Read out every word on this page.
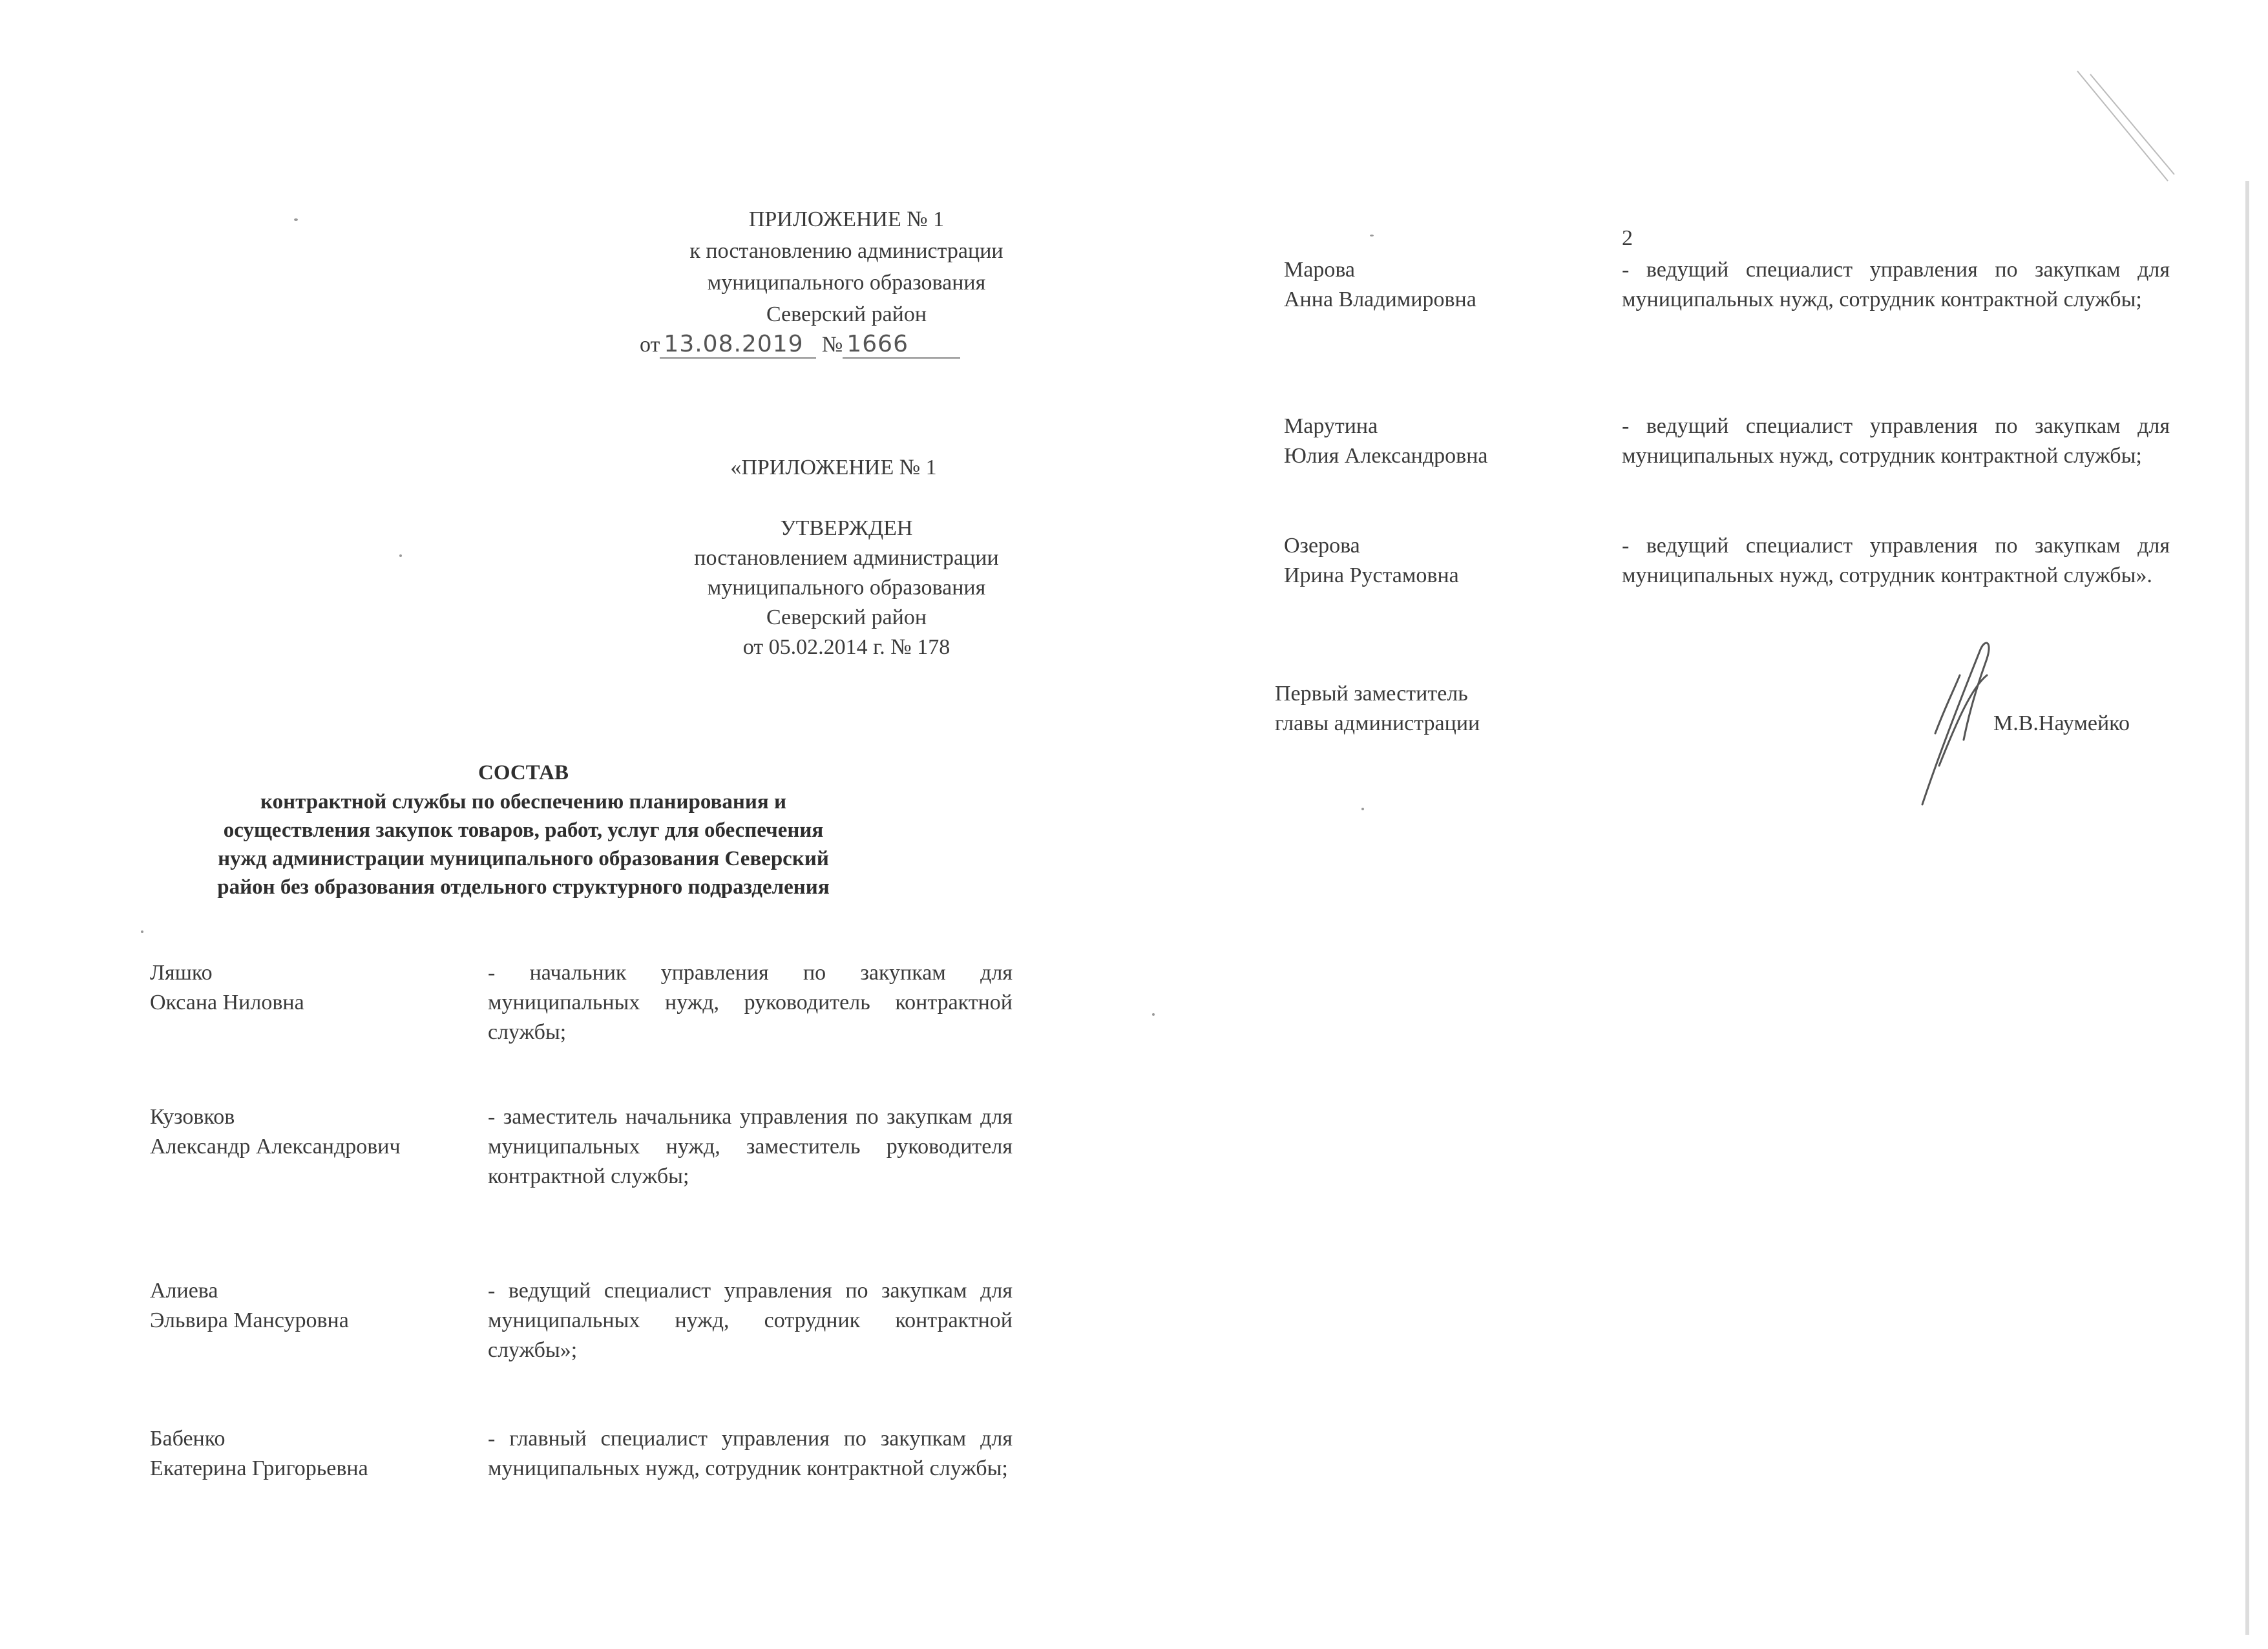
ПРИЛОЖЕНИЕ № 1
к постановлению администрации
муниципального образования
Северский район
от 13.08.2019 № 1666
«ПРИЛОЖЕНИЕ № 1
УТВЕРЖДЕН
постановлением администрации
муниципального образования
Северский район
от 05.02.2014 г. № 178
СОСТАВ
контрактной службы по обеспечению планирования и
осуществления закупок товаров, работ, услуг для обеспечения
нужд администрации муниципального образования Северский
район без образования отдельного структурного подразделения
Ляшко
Оксана Ниловна
- начальник управления по закупкам для муниципальных нужд, руководитель контрактной службы;
Кузовков
Александр Александрович
- заместитель начальника управления по закупкам для муниципальных нужд, заместитель руководителя контрактной службы;
Алиева
Эльвира Мансуровна
- ведущий специалист управления по закупкам для муниципальных нужд, сотрудник контрактной службы»;
Бабенко
Екатерина Григорьевна
- главный специалист управления по закупкам для муниципальных нужд, сотрудник контрактной службы;
2
Марова
Анна Владимировна
- ведущий специалист управления по закупкам для муниципальных нужд, сотрудник контрактной службы;
Марутина
Юлия Александровна
- ведущий специалист управления по закупкам для муниципальных нужд, сотрудник контрактной службы;
Озерова
Ирина Рустамовна
- ведущий специалист управления по закупкам для муниципальных нужд, сотрудник контрактной службы».
Первый заместитель
главы администрации	М.В.Наумейко
